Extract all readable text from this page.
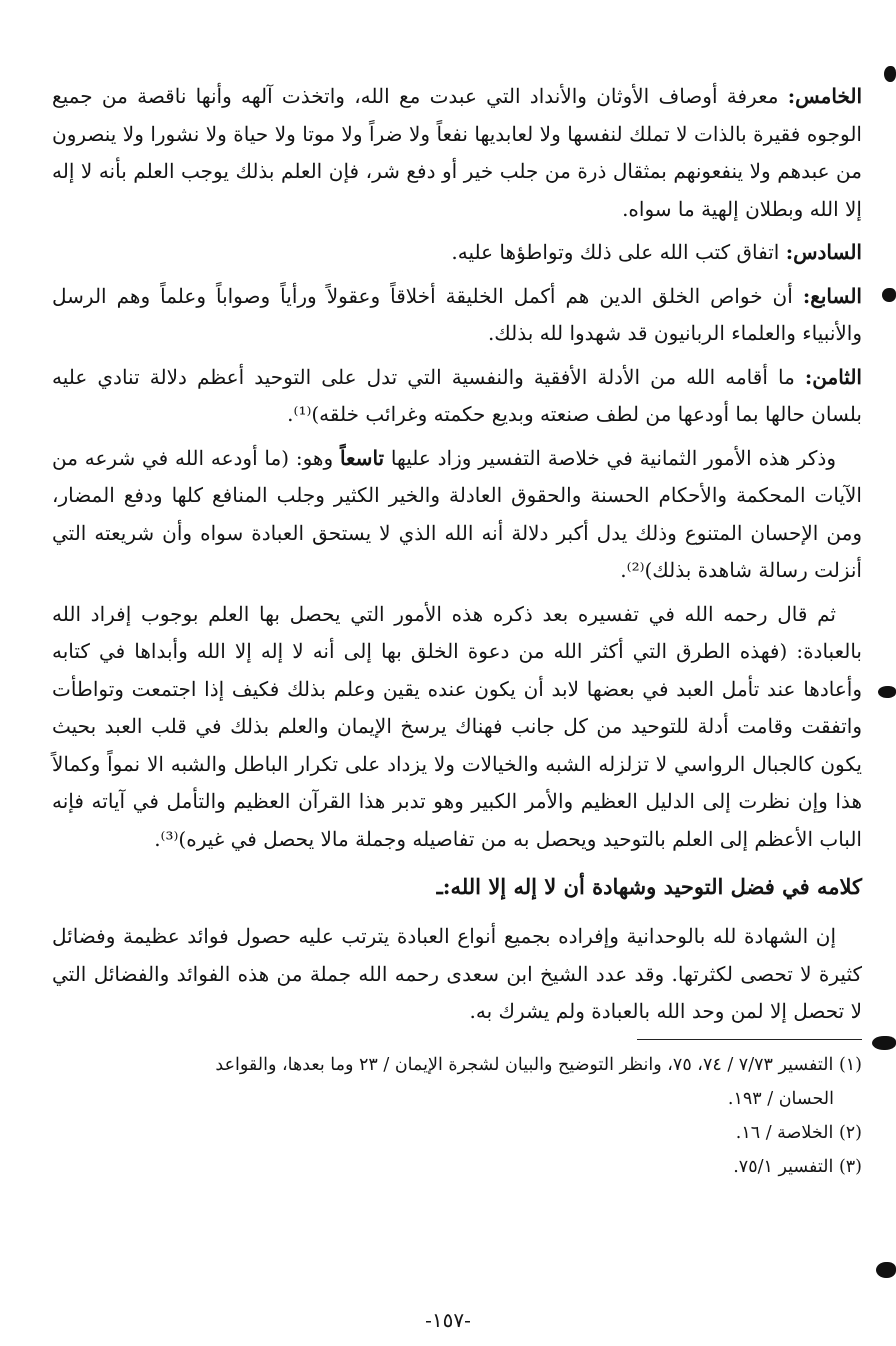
الخامس: معرفة أوصاف الأوثان والأنداد التي عبدت مع الله، واتخذت آلهه وأنها ناقصة من جميع الوجوه فقيرة بالذات لا تملك لنفسها ولا لعابديها نفعاً ولا ضراً ولا موتا ولا حياة ولا نشورا ولا ينصرون من عبدهم ولا ينفعونهم بمثقال ذرة من جلب خير أو دفع شر، فإن العلم بذلك يوجب العلم بأنه لا إله إلا الله وبطلان إلهية ما سواه.

السادس: اتفاق كتب الله على ذلك وتواطؤها عليه.

السابع: أن خواص الخلق الدين هم أكمل الخليقة أخلاقاً وعقولاً ورأياً وصواباً وعلماً وهم الرسل والأنبياء والعلماء الربانيون قد شهدوا لله بذلك.

الثامن: ما أقامه الله من الأدلة الأفقية والنفسية التي تدل على التوحيد أعظم دلالة تنادي عليه بلسان حالها بما أودعها من لطف صنعته وبديع حكمته وغرائب خلقه)⁽¹⁾.

وذكر هذه الأمور الثمانية في خلاصة التفسير وزاد عليها تاسعاً وهو: (ما أودعه الله في شرعه من الآيات المحكمة والأحكام الحسنة والحقوق العادلة والخير الكثير وجلب المنافع كلها ودفع المضار، ومن الإحسان المتنوع وذلك يدل أكبر دلالة أنه الله الذي لا يستحق العبادة سواه وأن شريعته التي أنزلت رسالة شاهدة بذلك)⁽²⁾.

ثم قال رحمه الله في تفسيره بعد ذكره هذه الأمور التي يحصل بها العلم بوجوب إفراد الله بالعبادة: (فهذه الطرق التي أكثر الله من دعوة الخلق بها إلى أنه لا إله إلا الله وأبداها في كتابه وأعادها عند تأمل العبد في بعضها لابد أن يكون عنده يقين وعلم بذلك فكيف إذا اجتمعت وتواطأت واتفقت وقامت أدلة للتوحيد من كل جانب فهناك يرسخ الإيمان والعلم بذلك في قلب العبد بحيث يكون كالجبال الرواسي لا تزلزله الشبه والخيالات ولا يزداد على تكرار الباطل والشبه الا نمواً وكمالاً هذا وإن نظرت إلى الدليل العظيم والأمر الكبير وهو تدبر هذا القرآن العظيم والتأمل في آياته فإنه الباب الأعظم إلى العلم بالتوحيد ويحصل به من تفاصيله وجملة مالا يحصل في غيره)⁽³⁾.

كلامه في فضل التوحيد وشهادة أن لا إله إلا الله:ـ

إن الشهادة لله بالوحدانية وإفراده بجميع أنواع العبادة يترتب عليه حصول فوائد عظيمة وفضائل كثيرة لا تحصى لكثرتها. وقد عدد الشيخ ابن سعدى رحمه الله جملة من هذه الفوائد والفضائل التي لا تحصل إلا لمن وحد الله بالعبادة ولم يشرك به.

(١) التفسير ٧/٧٣ / ٧٤، ٧٥، وانظر التوضيح والبيان لشجرة الإيمان / ٢٣ وما بعدها، والقواعد

الحسان / ١٩٣.

(٢) الخلاصة / ١٦.

(٣) التفسير ٧٥/١.

-١٥٧-
